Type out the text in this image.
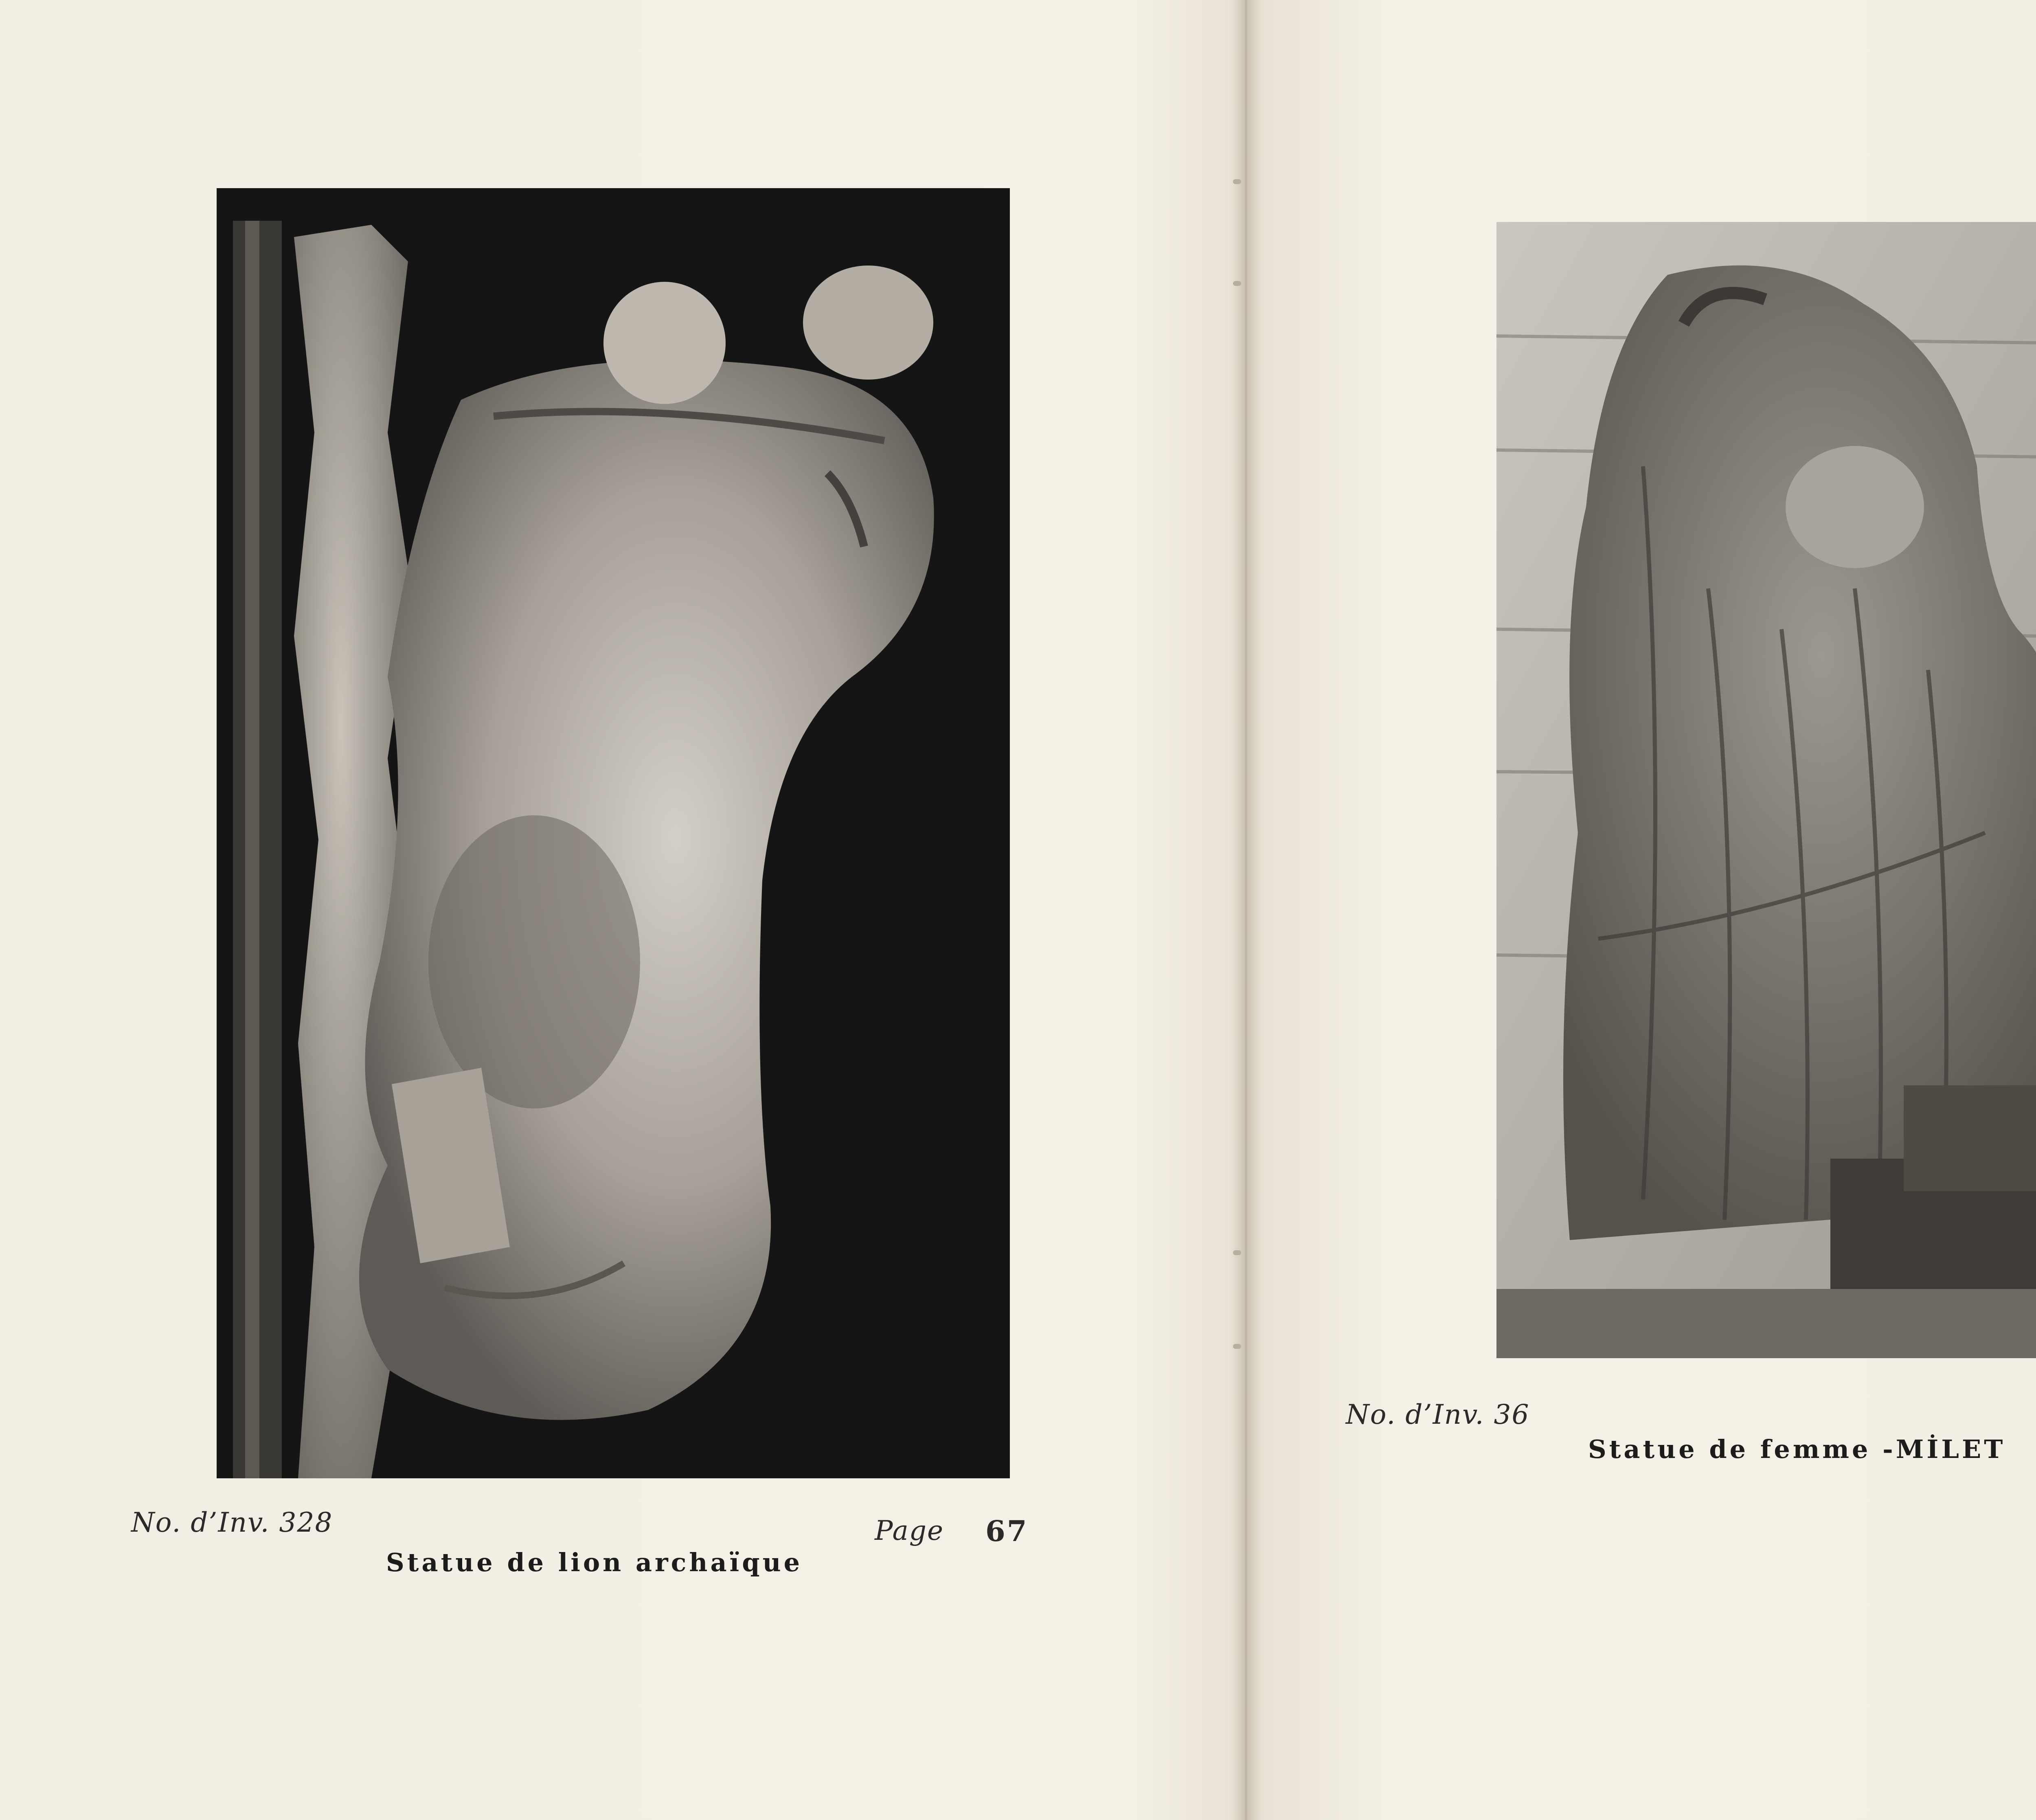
No. d’Inv. 328	Page 67
Statue de lion archaïque
No. d’Inv. 36
Statue de femme -MİLET
